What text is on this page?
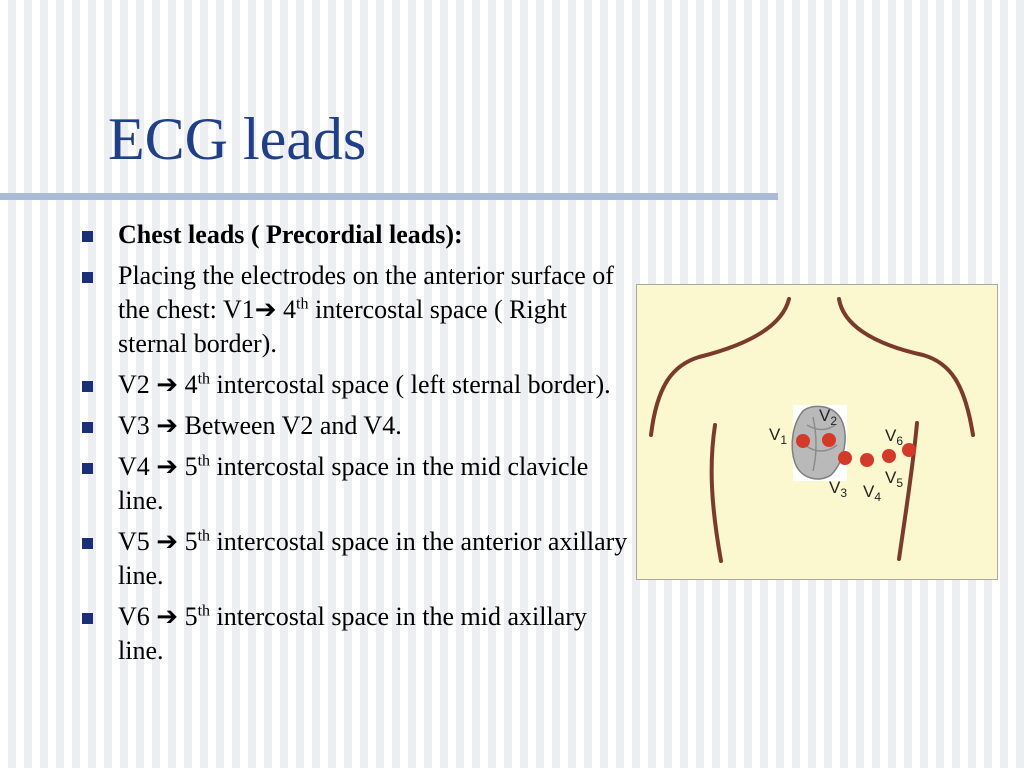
ECG leads
Chest leads ( Precordial leads):
Placing the electrodes on the anterior surface of the chest: V1➔ 4th intercostal space ( Right sternal border).
V2 ➔ 4th intercostal space ( left sternal border).
V3 ➔ Between V2 and V4.
V4 ➔ 5th intercostal space in the mid clavicle line.
V5 ➔ 5th intercostal space in the anterior axillary line.
V6 ➔ 5th intercostal space in the mid axillary line.
$V_1$
$V_2$
$V_3$ $V_4$
$V_5$
$V_6$
